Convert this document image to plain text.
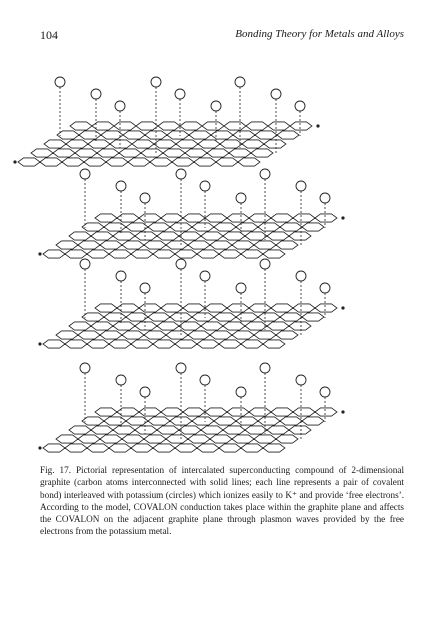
104	Bonding Theory for Metals and Alloys
Fig. 17. Pictorial representation of intercalated superconducting compound of 2-dimensional graphite (carbon atoms interconnected with solid lines; each line represents a pair of covalent bond) interleaved with potassium (circles) which ionizes easily to K⁺ and provide ‘free electrons’. According to the model, COVALON conduction takes place within the graphite plane and affects the COVALON on the adjacent graphite plane through plasmon waves provided by the free electrons from the potassium metal.
